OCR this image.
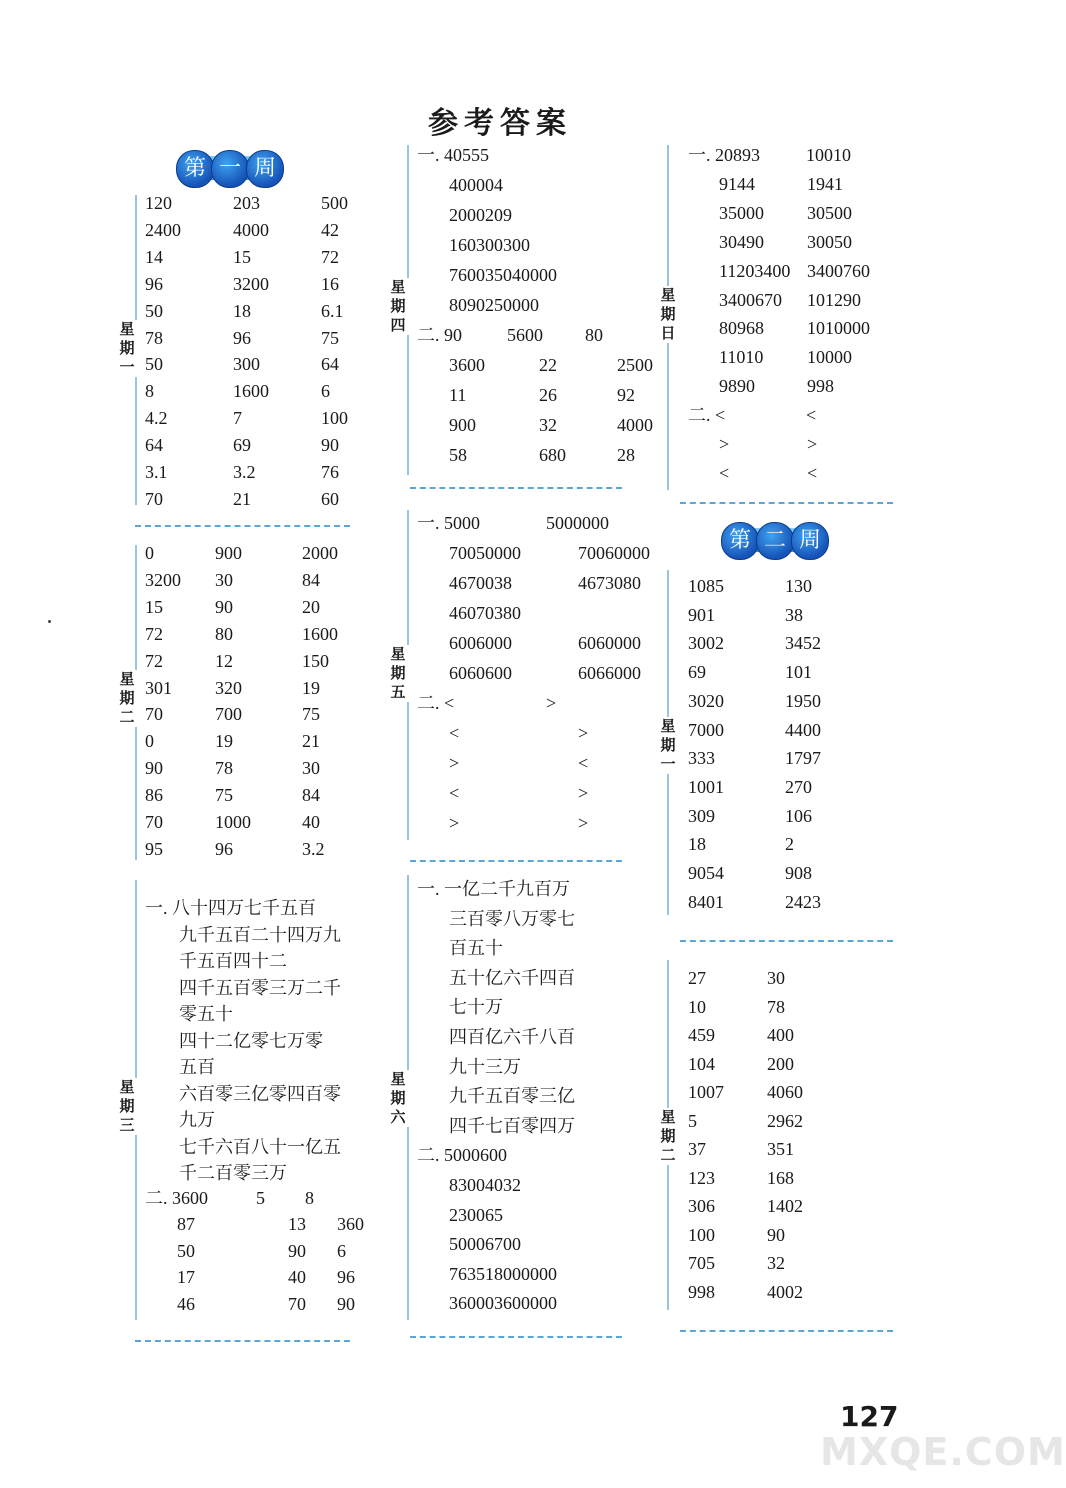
参考答案
第 一 周
星
期
一
120	203	500
2400	4000	42
14	15	72
96	3200	16
50	18	6.1
78	96	75
50	300	64
8	1600	6
4.2	7	100
64	69	90
3.1	3.2	76
70	21	60
星
期
二
0	900	2000
3200 30	84
15	90	20
72	80	1600
72	12	150
301 320	19
70	700	75
0	19	21
90	78	30
86	75	84
70	1000	40
95	96	3.2
星
期
三
一. 八十四万七千五百
九千五百二十四万九
千五百四十二
四千五百零三万二千
零五十
四十二亿零七万零
五百
六百零三亿零四百零
九万
七千六百八十一亿五
千二百零三万
二. 3600	5 8
87	13 360
50	90 6
17	40 96
46	70 90
星
期
四
一. 40555
400004
2000209
160300300
760035040000
8090250000
二. 90	5600 80
3600	22	2500
11	26	92
900	32	4000
58	680	28
星
期
五
一. 5000	5000000
70050000	70060000
4670038	4673080
46070380
6006000	6060000
6060600	6066000
二. <	>
<	>
>	<
<	>
>	>
星
期
六
一. 一亿二千九百万
三百零八万零七
百五十
五十亿六千四百
七十万
四百亿六千八百
九十三万
九千五百零三亿
四千七百零四万
二. 5000600
83004032
230065
50006700
763518000000
360003600000
星
期
日
一. 20893	10010
9144	1941
35000 30500
30490 30050
11203400 3400760
3400670 101290
80968 1010000
11010 10000
9890	998
二. <	<
>	>
<	<
第 二 周
星
期
一
1085	130
901	38
3002	3452
69	101
3020	1950
7000	4400
333	1797
1001	270
309	106
18	2
9054	908
8401	2423
星
期
二
27	30
10	78
459	400
104	200
1007 4060
5	2962
37	351
123	168
306	1402
100	90
705	32
998	4002
127
MXQE.COM
